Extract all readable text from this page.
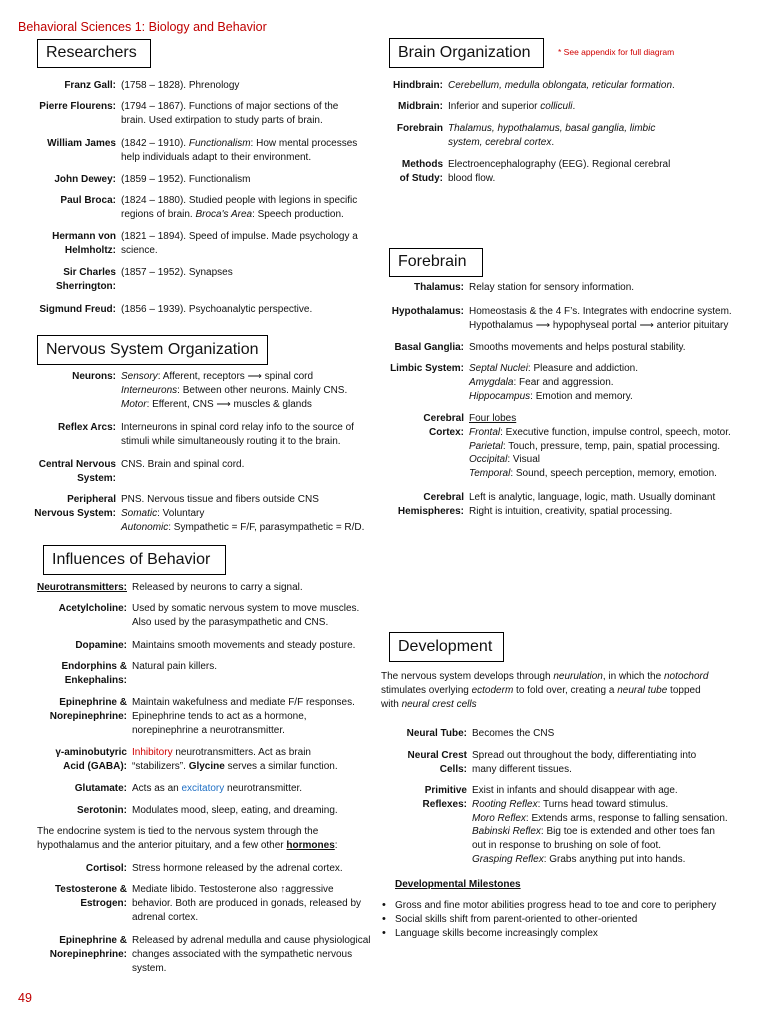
Behavioral Sciences 1: Biology and Behavior
Researchers
Franz Gall: (1758 – 1828). Phrenology
Pierre Flourens: (1794 – 1867). Functions of major sections of the
brain. Used extirpation to study parts of brain.
William James (1842 – 1910). Functionalism: How mental processes
help individuals adapt to their environment.
John Dewey: (1859 – 1952). Functionalism
Paul Broca: (1824 – 1880). Studied people with legions in specific
regions of brain. Broca's Area: Speech production.
Hermann von
Helmholtz:
(1821 – 1894). Speed of impulse. Made psychology a
science.
Sir Charles
Sherrington:
(1857 – 1952). Synapses
Sigmund Freud: (1856 – 1939). Psychoanalytic perspective.
Nervous System Organization
Neurons: Sensory: Afferent, receptors ⟶ spinal cord
Interneurons: Between other neurons. Mainly CNS.
Motor: Efferent, CNS ⟶ muscles & glands
Reflex Arcs: Interneurons in spinal cord relay info to the source of
stimuli while simultaneously routing it to the brain.
Central Nervous
System:
CNS. Brain and spinal cord.
Peripheral
Nervous System:
PNS. Nervous tissue and fibers outside CNS
Somatic: Voluntary
Autonomic: Sympathetic = F/F, parasympathetic = R/D.
Influences of Behavior
Neurotransmitters: Released by neurons to carry a signal.
Acetylcholine: Used by somatic nervous system to move muscles.
Also used by the parasympathetic and CNS.
Dopamine: Maintains smooth movements and steady posture.
Endorphins &
Enkephalins:
Natural pain killers.
Epinephrine &
Norepinephrine:
Maintain wakefulness and mediate F/F responses.
Epinephrine tends to act as a hormone,
norepinephrine a neurotransmitter.
γ-aminobutyric
Acid (GABA):
Inhibitory neurotransmitters. Act as brain
“stabilizers”. Glycine serves a similar function.
Glutamate: Acts as an excitatory neurotransmitter.
Serotonin: Modulates mood, sleep, eating, and dreaming.
The endocrine system is tied to the nervous system through the
hypothalamus and the anterior pituitary, and a few other hormones:
Cortisol: Stress hormone released by the adrenal cortex.
Testosterone &
Estrogen:
Mediate libido. Testosterone also ↑aggressive
behavior. Both are produced in gonads, released by
adrenal cortex.
Epinephrine &
Norepinephrine:
Released by adrenal medulla and cause physiological
changes associated with the sympathetic nervous
system.
49
Brain Organization	* See appendix for full diagram
Hindbrain: Cerebellum, medulla oblongata, reticular formation.
Midbrain: Inferior and superior colliculi.
Forebrain Thalamus, hypothalamus, basal ganglia, limbic
system, cerebral cortex.
Methods
of Study:
Electroencephalography (EEG). Regional cerebral
blood flow.
Forebrain
Thalamus: Relay station for sensory information.
Hypothalamus: Homeostasis & the 4 F’s. Integrates with endocrine system.
Hypothalamus ⟶ hypophyseal portal ⟶ anterior pituitary
Basal Ganglia: Smooths movements and helps postural stability.
Limbic System: Septal Nuclei: Pleasure and addiction.
Amygdala: Fear and aggression.
Hippocampus: Emotion and memory.
Cerebral
Cortex:
Four lobes
Frontal: Executive function, impulse control, speech, motor.
Parietal: Touch, pressure, temp, pain, spatial processing.
Occipital: Visual
Temporal: Sound, speech perception, memory, emotion.
Cerebral
Hemispheres:
Left is analytic, language, logic, math. Usually dominant
Right is intuition, creativity, spatial processing.
Development
The nervous system develops through neurulation, in which the notochord
stimulates overlying ectoderm to fold over, creating a neural tube topped
with neural crest cells
Neural Tube: Becomes the CNS
Neural Crest Cells:
Spread out throughout the body, differentiating into
many different tissues.
Primitive Reflexes:
Exist in infants and should disappear with age.
Rooting Reflex: Turns head toward stimulus.
Moro Reflex: Extends arms, response to falling sensation.
Babinski Reflex: Big toe is extended and other toes fan
out in response to brushing on sole of foot.
Grasping Reflex: Grabs anything put into hands.
Developmental Milestones
• Gross and fine motor abilities progress head to toe and core to periphery
• Social skills shift from parent-oriented to other-oriented
• Language skills become increasingly complex
